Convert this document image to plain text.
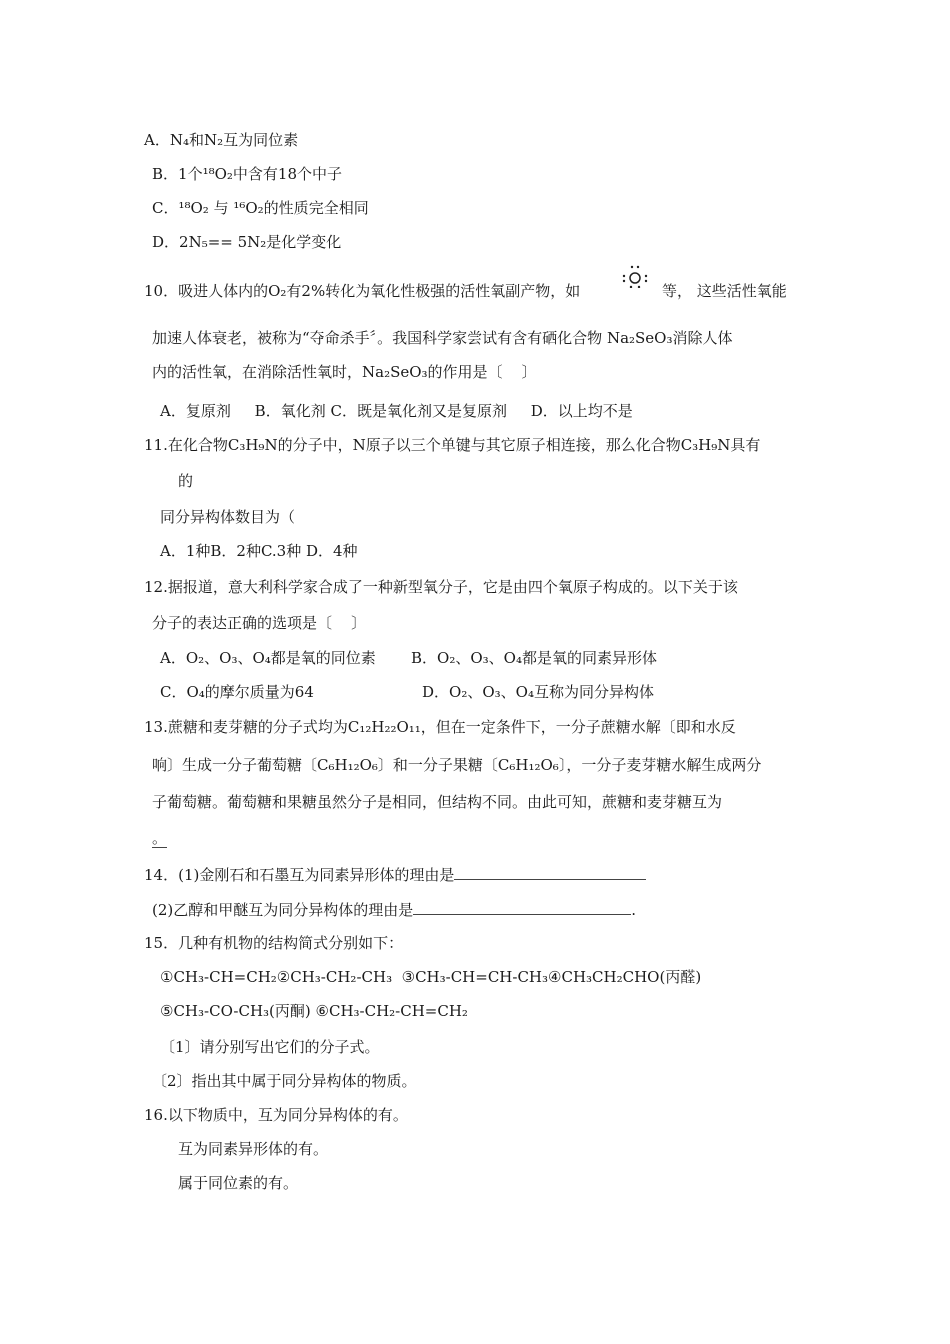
A．N₄和N₂互为同位素
B．1个¹⁸O₂中含有18个中子
C．¹⁸O₂ 与 ¹⁶O₂的性质完全相同
D．2N₅== 5N₂是化学变化
10．吸进人体内的O₂有2%转化为氧化性极强的活性氧副产物，如	等， 这些活性氧能
加速人体衰老，被称为“夺命杀手〞。我国科学家尝试有含有硒化合物 Na₂SeO₃消除人体
内的活性氧，在消除活性氧时，Na₂SeO₃的作用是〔    〕
A．复原剂     B．氧化剂 C．既是氧化剂又是复原剂     D．以上均不是
11.在化合物C₃H₉N的分子中，N原子以三个单键与其它原子相连接，那么化合物C₃H₉N具有
的
同分异构体数目为（
A．1种B．2种C.3种 D．4种
12.据报道，意大利科学家合成了一种新型氧分子，它是由四个氧原子构成的。以下关于该
分子的表达正确的选项是〔    〕
A．O₂、O₃、O₄都是氧的同位素 B．O₂、O₃、O₄都是氧的同素异形体
C．O₄的摩尔质量为64	D．O₂、O₃、O₄互称为同分异构体
13.蔗糖和麦芽糖的分子式均为C₁₂H₂₂O₁₁，但在一定条件下，一分子蔗糖水解〔即和水反
响〕生成一分子葡萄糖〔C₆H₁₂O₆〕和一分子果糖〔C₆H₁₂O₆〕，一分子麦芽糖水解生成两分
子葡萄糖。葡萄糖和果糖虽然分子是相同，但结构不同。由此可知，蔗糖和麦芽糖互为
。
14．(1)金刚石和石墨互为同素异形体的理由是
(2)乙醇和甲醚互为同分异构体的理由是	.
15．几种有机物的结构简式分别如下：
①CH₃-CH=CH₂②CH₃-CH₂-CH₃  ③CH₃-CH=CH-CH₃④CH₃CH₂CHO(丙醛)
⑤CH₃-CO-CH₃(丙酮) ⑥CH₃-CH₂-CH=CH₂
〔1〕请分别写出它们的分子式。
〔2〕指出其中属于同分异构体的物质。
16.以下物质中，互为同分异构体的有。
互为同素异形体的有。
属于同位素的有。
